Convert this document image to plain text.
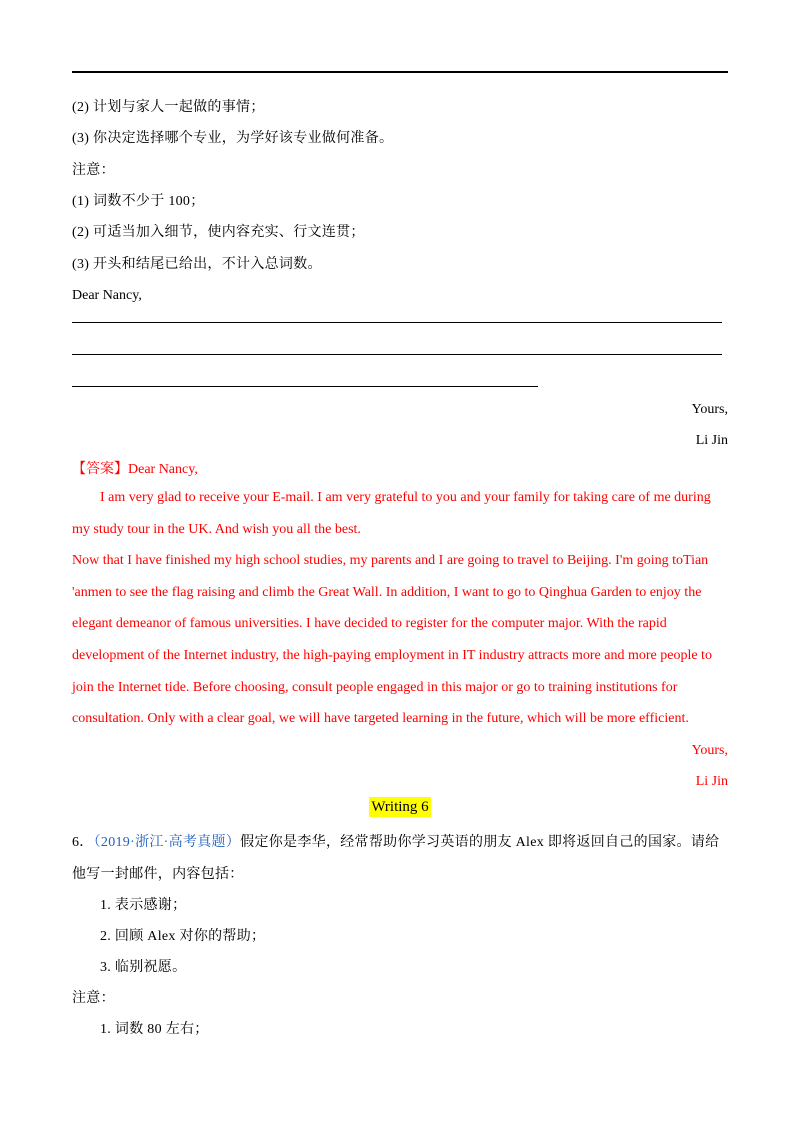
(2) 计划与家人一起做的事情；
(3) 你决定选择哪个专业，为学好该专业做何准备。
注意：
(1) 词数不少于 100；
(2) 可适当加入细节，使内容充实、行文连贯；
(3) 开头和结尾已给出，不计入总词数。
Dear Nancy,
Yours,
Li Jin
【答案】Dear Nancy,
I am very glad to receive your E-mail. I am very grateful to you and your family for taking care of me during
my study tour in the UK. And wish you all the best.
Now that I have finished my high school studies, my parents and I are going to travel to Beijing. I'm going toTian
'anmen to see the flag raising and climb the Great Wall. In addition, I want to go to Qinghua Garden to enjoy the
elegant demeanor of famous universities. I have decided to register for the computer major. With the rapid
development of the Internet industry, the high-paying employment in IT industry attracts more and more people to
join the Internet tide. Before choosing, consult people engaged in this major or go to training institutions for
consultation. Only with a clear goal, we will have targeted learning in the future, which will be more efficient.
Yours,
Li Jin
Writing 6
6．（2019·浙江·高考真题）假定你是李华，经常帮助你学习英语的朋友 Alex 即将返回自己的国家。请给
他写一封邮件，内容包括：
1. 表示感谢；
2. 回顾 Alex 对你的帮助；
3. 临别祝愿。
注意：
1. 词数 80 左右；
